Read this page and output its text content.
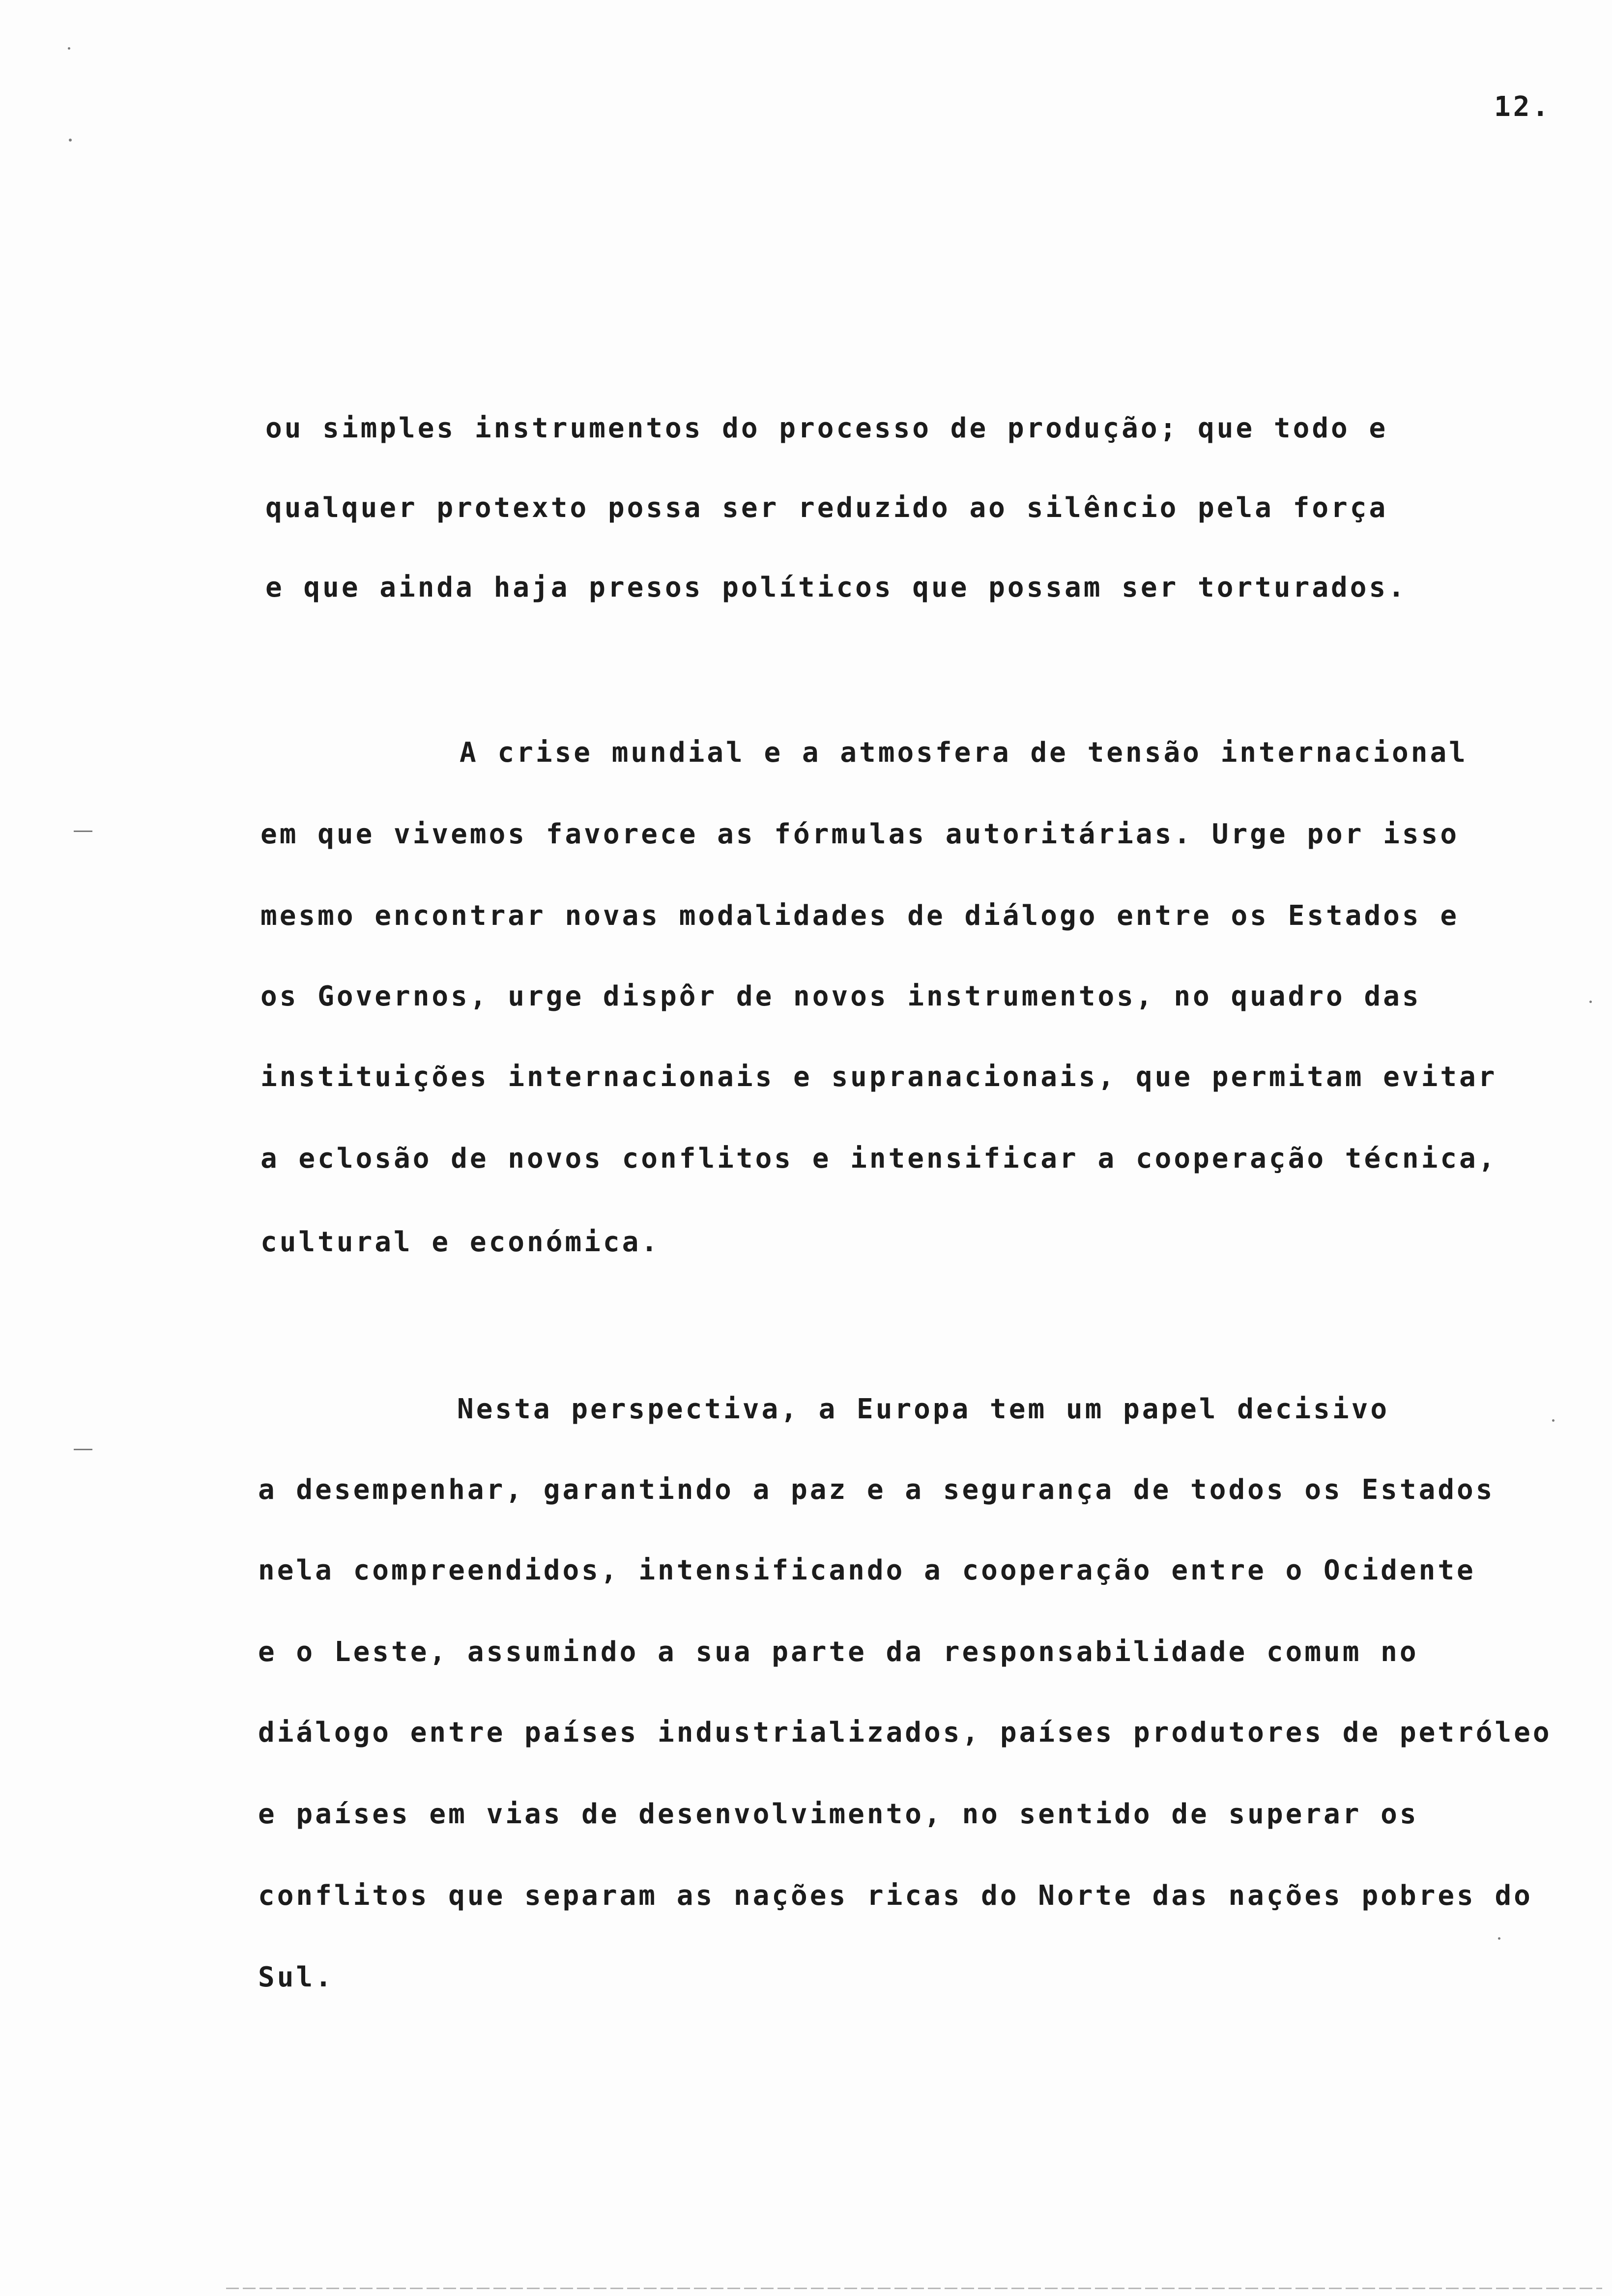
12.
ou simples instrumentos do processo de produção; que todo e
qualquer protexto possa ser reduzido ao silêncio pela força
e que ainda haja presos políticos que possam ser torturados.
A crise mundial e a atmosfera de tensão internacional
em que vivemos favorece as fórmulas autoritárias. Urge por isso
mesmo encontrar novas modalidades de diálogo entre os Estados e
os Governos, urge dispôr de novos instrumentos, no quadro das
instituições internacionais e supranacionais, que permitam evitar
a eclosão de novos conflitos e intensificar a cooperação técnica,
cultural e económica.
Nesta perspectiva, a Europa tem um papel decisivo
a desempenhar, garantindo a paz e a segurança de todos os Estados
nela compreendidos, intensificando a cooperação entre o Ocidente
e o Leste, assumindo a sua parte da responsabilidade comum no
diálogo entre países industrializados, países produtores de petróleo
e países em vias de desenvolvimento, no sentido de superar os
conflitos que separam as nações ricas do Norte das nações pobres do
Sul.
